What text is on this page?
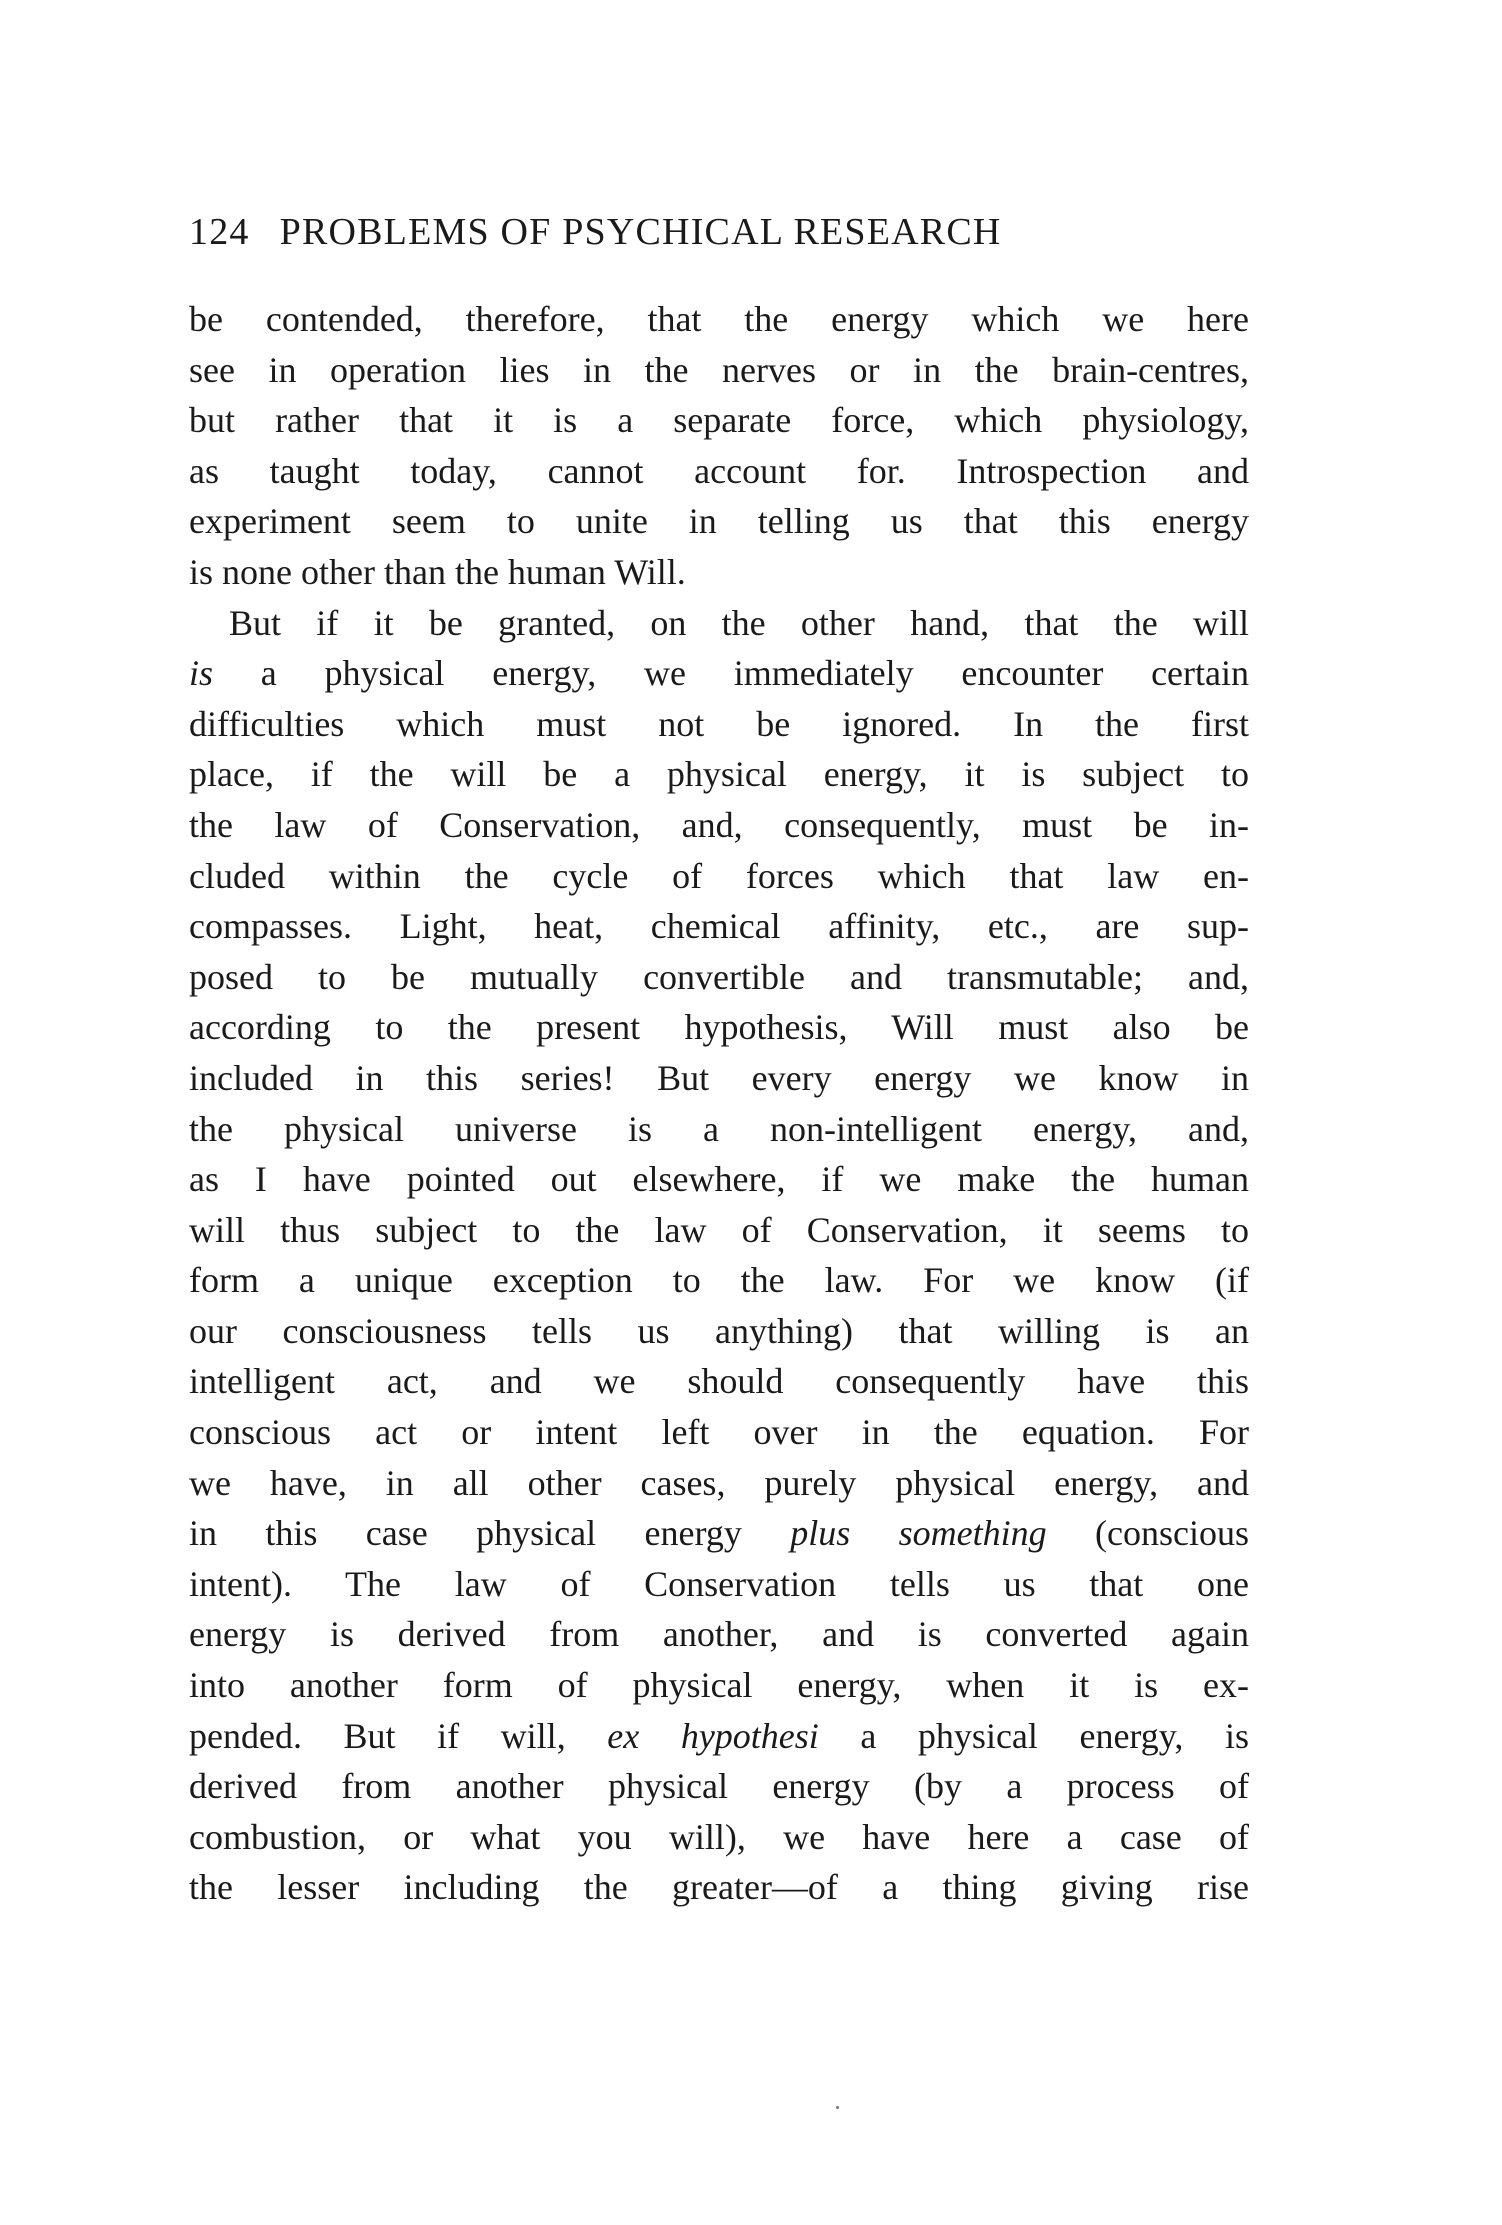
124 PROBLEMS OF PSYCHICAL RESEARCH
be contended, therefore, that the energy which we here
see in operation lies in the nerves or in the brain-centres,
but rather that it is a separate force, which physiology,
as taught today, cannot account for. Introspection and
experiment seem to unite in telling us that this energy
is none other than the human Will.
But if it be granted, on the other hand, that the will
is a physical energy, we immediately encounter certain
difficulties which must not be ignored. In the first
place, if the will be a physical energy, it is subject to
the law of Conservation, and, consequently, must be in-
cluded within the cycle of forces which that law en-
compasses. Light, heat, chemical affinity, etc., are sup-
posed to be mutually convertible and transmutable; and,
according to the present hypothesis, Will must also be
included in this series! But every energy we know in
the physical universe is a non-intelligent energy, and,
as I have pointed out elsewhere, if we make the human
will thus subject to the law of Conservation, it seems to
form a unique exception to the law. For we know (if
our consciousness tells us anything) that willing is an
intelligent act, and we should consequently have this
conscious act or intent left over in the equation. For
we have, in all other cases, purely physical energy, and
in this case physical energy plus something (conscious
intent). The law of Conservation tells us that one
energy is derived from another, and is converted again
into another form of physical energy, when it is ex-
pended. But if will, ex hypothesi a physical energy, is
derived from another physical energy (by a process of
combustion, or what you will), we have here a case of
the lesser including the greater—of a thing giving rise
